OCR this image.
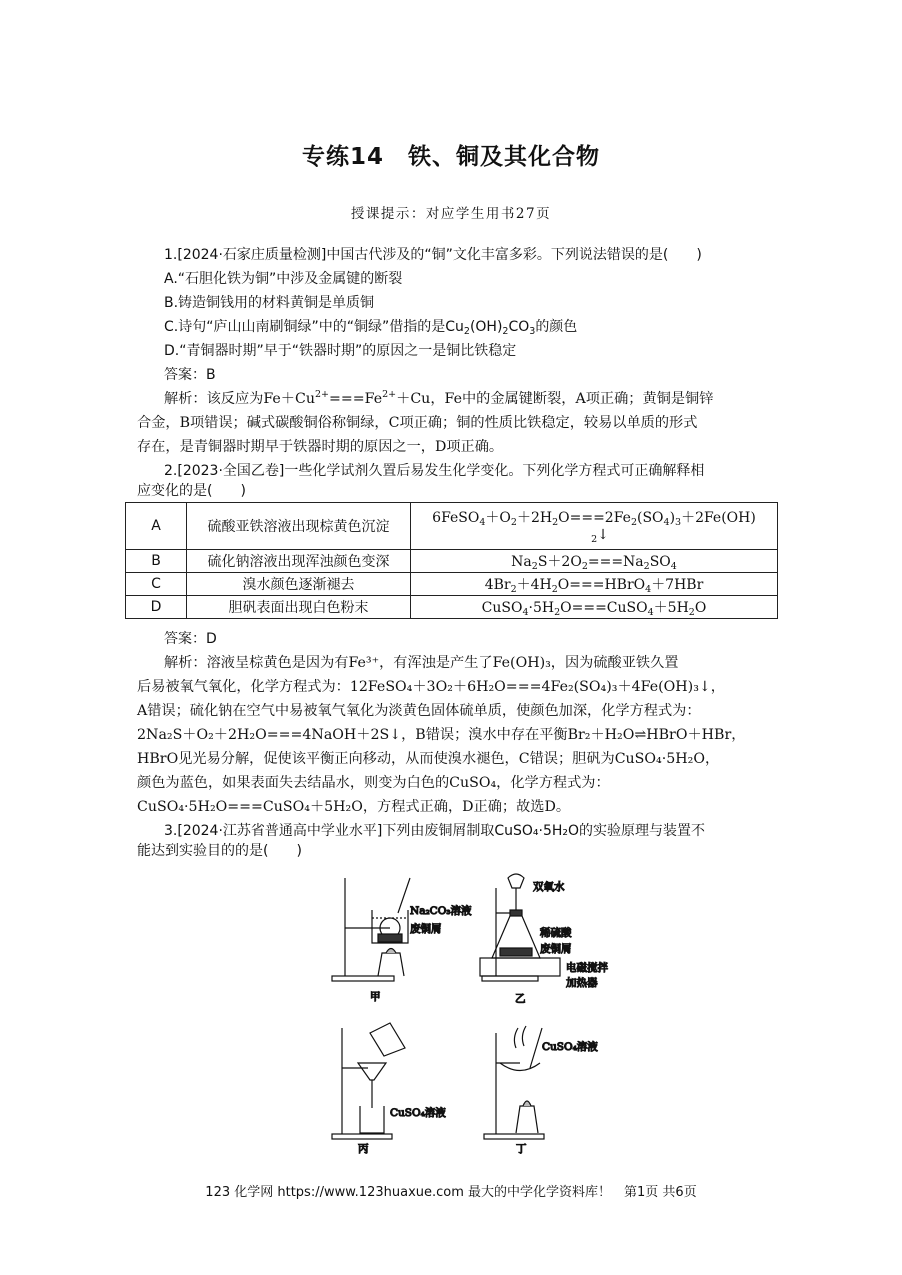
专练14　铁、铜及其化合物
授课提示：对应学生用书27页
1.[2024·石家庄质量检测]中国古代涉及的“铜”文化丰富多彩。下列说法错误的是(　　)
A.“石胆化铁为铜”中涉及金属键的断裂
B.铸造铜钱用的材料黄铜是单质铜
C.诗句“庐山山南刷铜绿”中的“铜绿”借指的是$Cu_2(OH)_2CO_3$的颜色
D.“青铜器时期”早于“铁器时期”的原因之一是铜比铁稳定
答案：B
解析：该反应为$Fe+Cu^{2+}===Fe^{2+}+Cu$，Fe中的金属键断裂，A项正确；黄铜是铜锌
合金，B项错误；碱式碳酸铜俗称铜绿，C项正确；铜的性质比铁稳定，较易以单质的形式
存在，是青铜器时期早于铁器时期的原因之一，D项正确。
2.[2023·全国乙卷]一些化学试剂久置后易发生化学变化。下列化学方程式可正确解释相
应变化的是(　　)
A	硫酸亚铁溶液出现棕黄色沉淀	$6FeSO_4+O_2+2H_2O===2Fe_2(SO_4)_3+2Fe(OH)$
$_2$↓
B	硫化钠溶液出现浑浊颜色变深	$Na_2S+2O_2===Na_2SO_4$
C	溴水颜色逐渐褪去	$4Br_2+4H_2O===HBrO_4+7HBr$
D	胆矾表面出现白色粉末	$CuSO_4\cdot 5H_2O===CuSO_4+5H_2O$
答案：D
解析：溶液呈棕黄色是因为有Fe³⁺，有浑浊是产生了Fe(OH)₃，因为硫酸亚铁久置
后易被氧气氧化，化学方程式为：12FeSO₄＋3O₂＋6H₂O===4Fe₂(SO₄)₃＋4Fe(OH)₃↓，
A错误；硫化钠在空气中易被氧气氧化为淡黄色固体硫单质，使颜色加深，化学方程式为：
2Na₂S＋O₂＋2H₂O===4NaOH＋2S↓，B错误；溴水中存在平衡Br₂＋H₂O⇌HBrO＋HBr，
HBrO见光易分解，促使该平衡正向移动，从而使溴水褪色，C错误；胆矾为CuSO₄·5H₂O，
颜色为蓝色，如果表面失去结晶水，则变为白色的CuSO₄，化学方程式为：
CuSO₄·5H₂O===CuSO₄＋5H₂O，方程式正确，D正确；故选D。
3.[2024·江苏省普通高中学业水平]下列由废铜屑制取CuSO₄·5H₂O的实验原理与装置不
能达到实验目的的是(　　)
Na₂CO₃溶液
废铜屑
甲
双氧水
稀硫酸
废铜屑
电磁搅拌
加热器
乙
CuSO₄溶液
丙
CuSO₄溶液
丁
123 化学网 https://www.123huaxue.com 最大的中学化学资料库！　第1页 共6页
